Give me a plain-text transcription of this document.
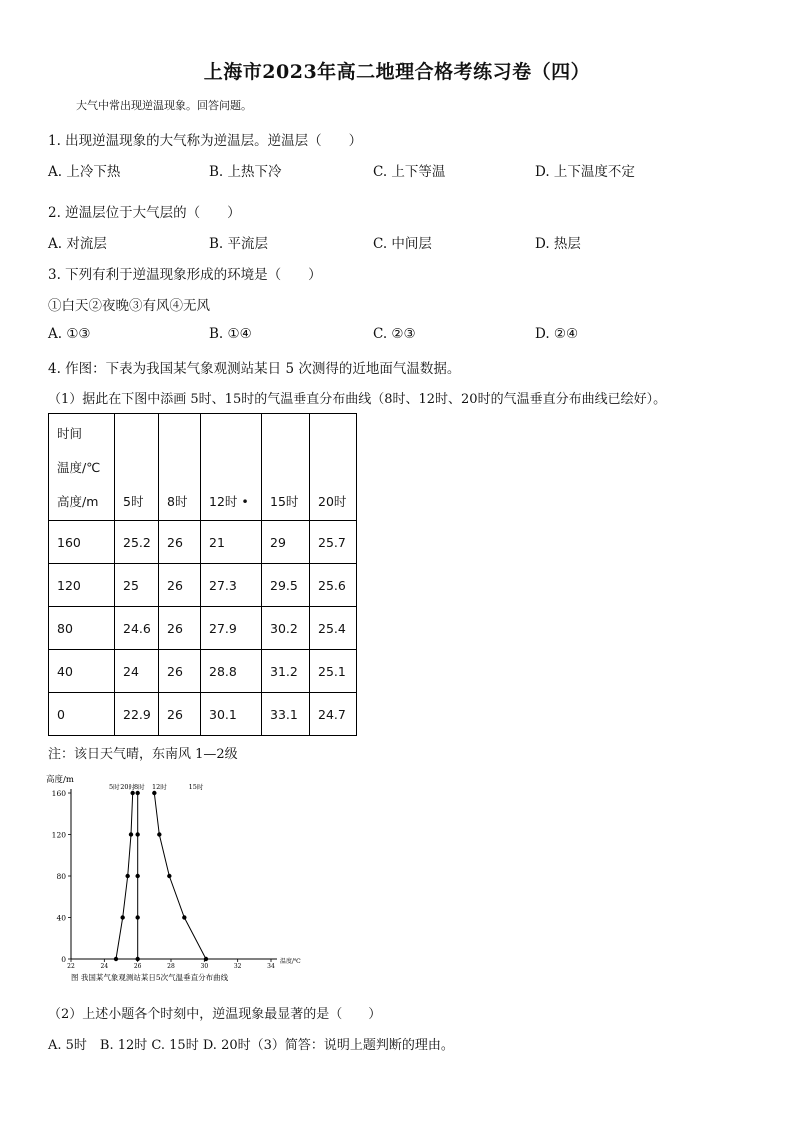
上海市2023年高二地理合格考练习卷（四）
大气中常出现逆温现象。回答问题。
1. 出现逆温现象的大气称为逆温层。逆温层（　　）
A. 上冷下热	B. 上热下冷	C. 上下等温	D. 上下温度不定
2. 逆温层位于大气层的（　　）
A. 对流层	B. 平流层	C. 中间层	D. 热层
3. 下列有利于逆温现象形成的环境是（　　）
①白天②夜晚③有风④无风
A. ①③	B. ①④	C. ②③	D. ②④
4. 作图：下表为我国某气象观测站某日 5 次测得的近地面气温数据。
（1）据此在下图中添画 5时、15时的气温垂直分布曲线（8时、12时、20时的气温垂直分布曲线已绘好）。
时间
温度/℃
高度/m	5时	8时	12时 •	15时	20时
160	25.2	26	21	29	25.7
120	25	26	27.3	29.5	25.6
80	24.6	26	27.9	30.2	25.4
40	24	26	28.8	31.2	25.1
0	22.9	26	30.1	33.1	24.7
注：该日天气晴，东南风 1—2级
高度/m
温度/℃
图 我国某气象观测站某日5次气温垂直分布曲线
0
40
80
120
160
22	24	26	28	30	32	34
5时 20时
8时 12时	15时
（2）上述小题各个时刻中，逆温现象最显著的是（　　）
A. 5时　B. 12时 C. 15时 D. 20时（3）简答：说明上题判断的理由。
